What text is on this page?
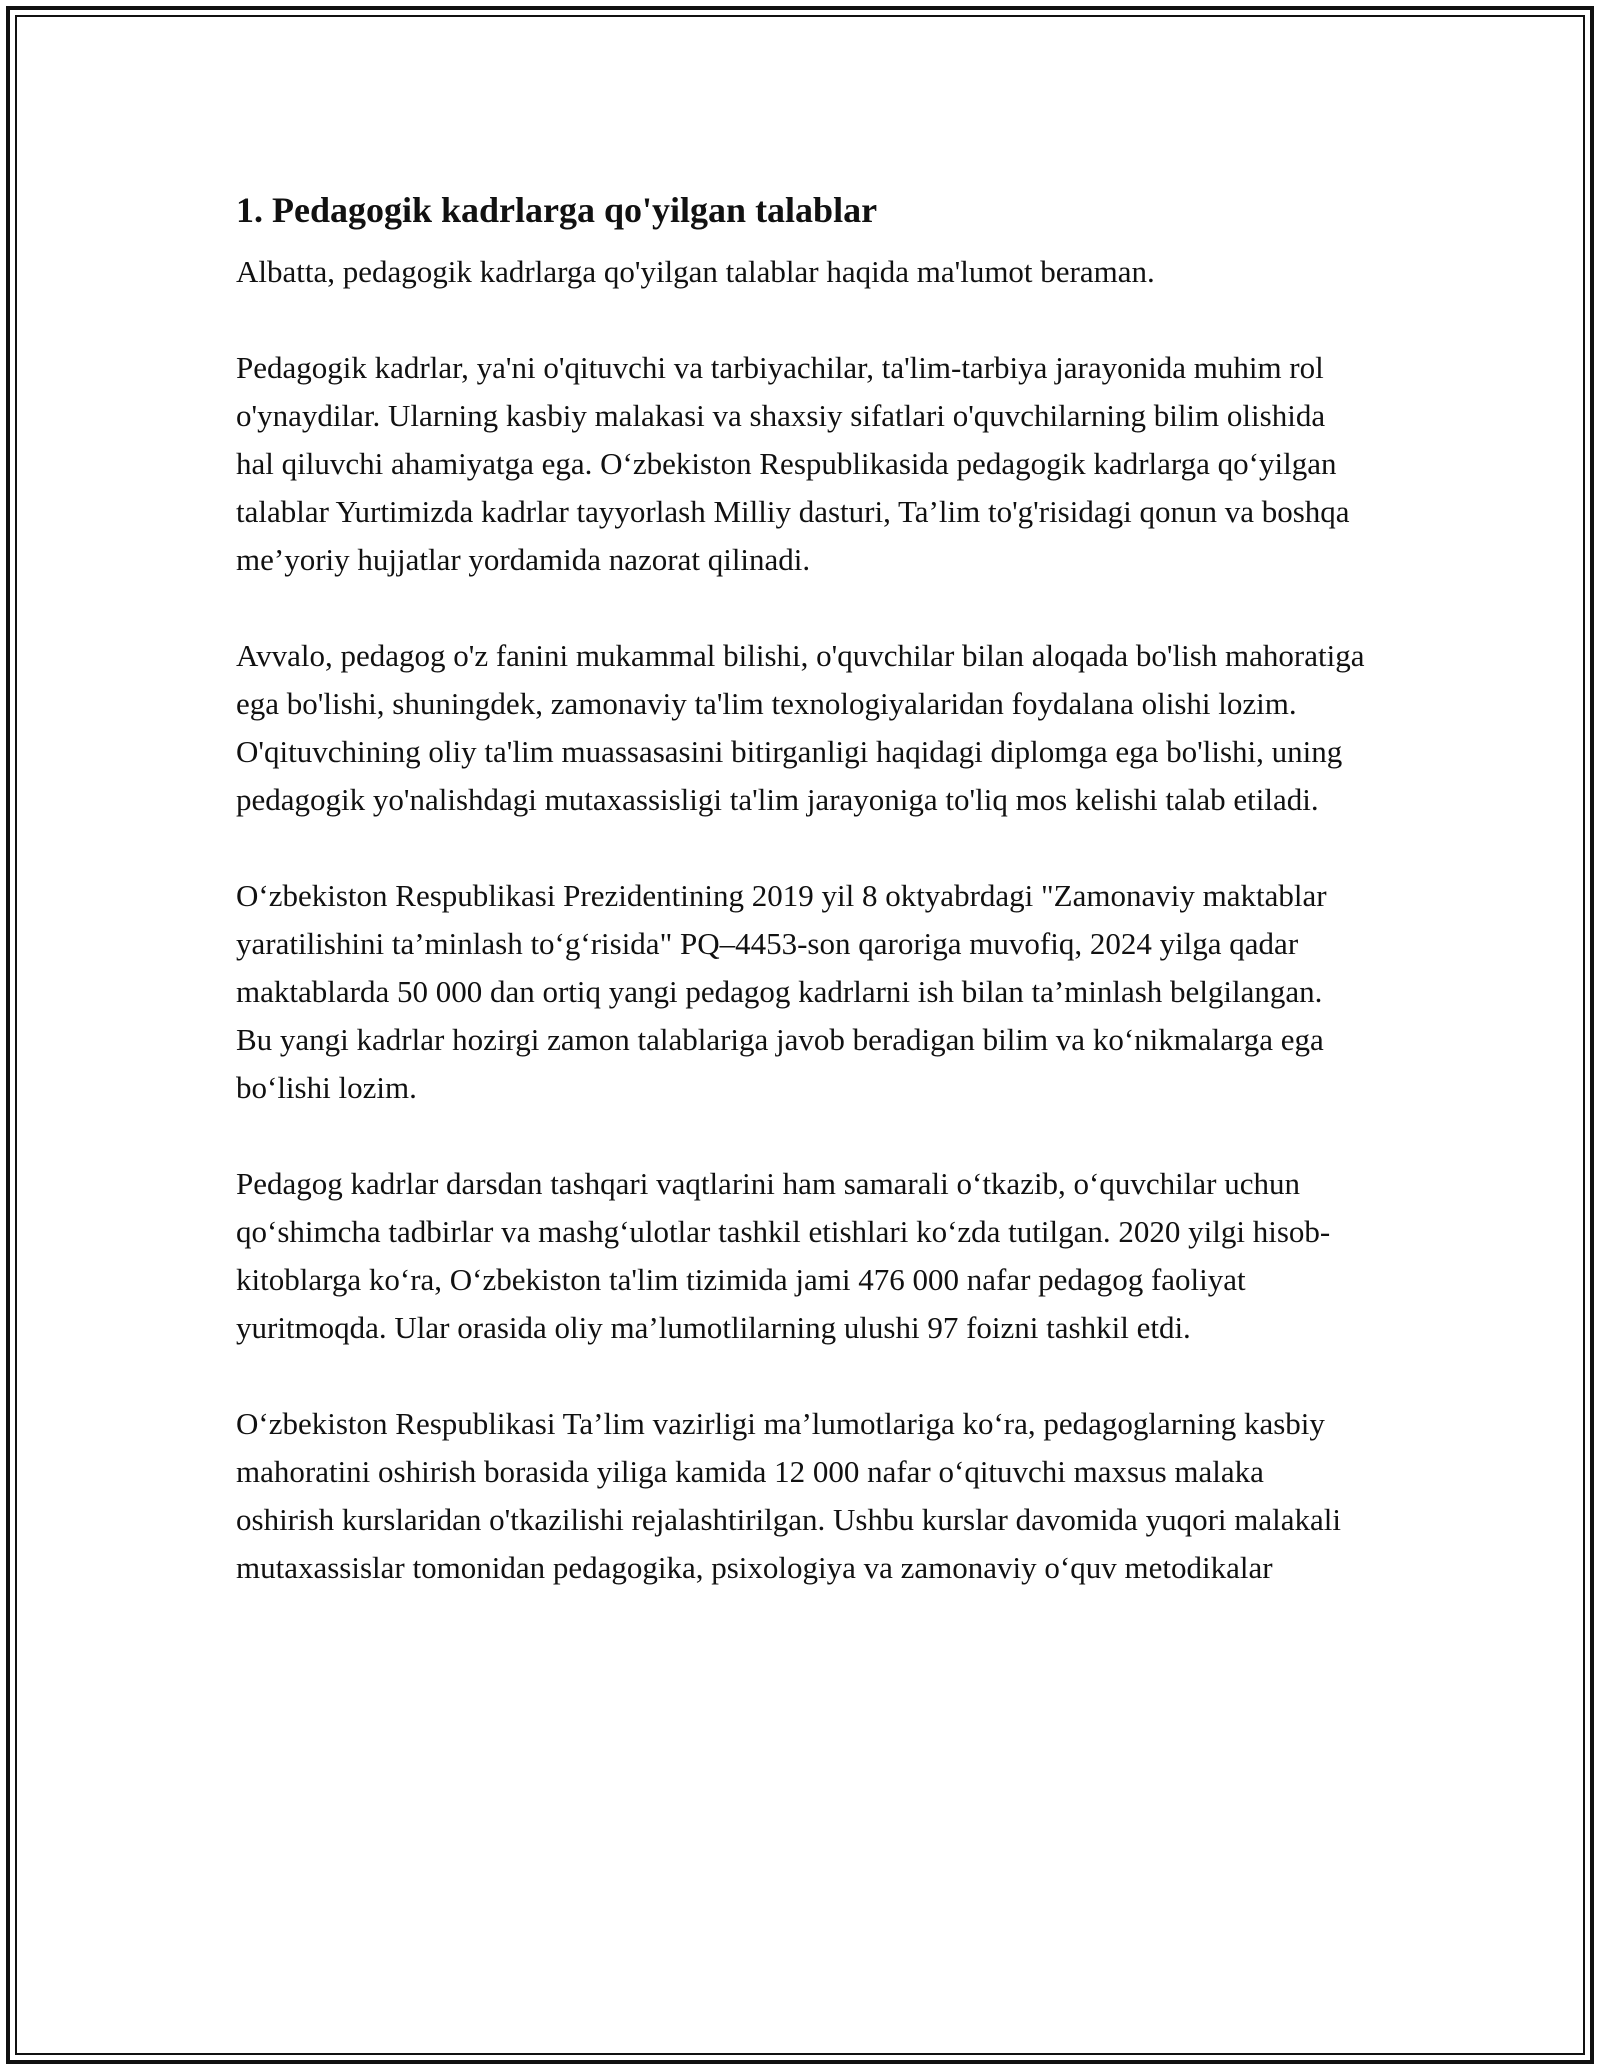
1. Pedagogik kadrlarga qo'yilgan talablar

Albatta, pedagogik kadrlarga qo'yilgan talablar haqida ma'lumot beraman.

Pedagogik kadrlar, ya'ni o'qituvchi va tarbiyachilar, ta'lim-tarbiya jarayonida muhim rol o'ynaydilar. Ularning kasbiy malakasi va shaxsiy sifatlari o'quvchilarning bilim olishida hal qiluvchi ahamiyatga ega. O‘zbekiston Respublikasida pedagogik kadrlarga qo‘yilgan talablar Yurtimizda kadrlar tayyorlash Milliy dasturi, Ta’lim to'g'risidagi qonun va boshqa me’yoriy hujjatlar yordamida nazorat qilinadi.

Avvalo, pedagog o'z fanini mukammal bilishi, o'quvchilar bilan aloqada bo'lish mahoratiga ega bo'lishi, shuningdek, zamonaviy ta'lim texnologiyalaridan foydalana olishi lozim. O'qituvchining oliy ta'lim muassasasini bitirganligi haqidagi diplomga ega bo'lishi, uning pedagogik yo'nalishdagi mutaxassisligi ta'lim jarayoniga to'liq mos kelishi talab etiladi.

O‘zbekiston Respublikasi Prezidentining 2019 yil 8 oktyabrdagi "Zamonaviy maktablar yaratilishini ta’minlash to‘g‘risida" PQ–4453-son qaroriga muvofiq, 2024 yilga qadar maktablarda 50 000 dan ortiq yangi pedagog kadrlarni ish bilan ta’minlash belgilangan. Bu yangi kadrlar hozirgi zamon talablariga javob beradigan bilim va ko‘nikmalarga ega bo‘lishi lozim.

Pedagog kadrlar darsdan tashqari vaqtlarini ham samarali o‘tkazib, o‘quvchilar uchun qo‘shimcha tadbirlar va mashg‘ulotlar tashkil etishlari ko‘zda tutilgan. 2020 yilgi hisob-kitoblarga ko‘ra, O‘zbekiston ta'lim tizimida jami 476 000 nafar pedagog faoliyat yuritmoqda. Ular orasida oliy ma’lumotlilarning ulushi 97 foizni tashkil etdi.

O‘zbekiston Respublikasi Ta’lim vazirligi ma’lumotlariga ko‘ra, pedagoglarning kasbiy mahoratini oshirish borasida yiliga kamida 12 000 nafar o‘qituvchi maxsus malaka oshirish kurslaridan o'tkazilishi rejalashtirilgan. Ushbu kurslar davomida yuqori malakali mutaxassislar tomonidan pedagogika, psixologiya va zamonaviy o‘quv metodikalar
